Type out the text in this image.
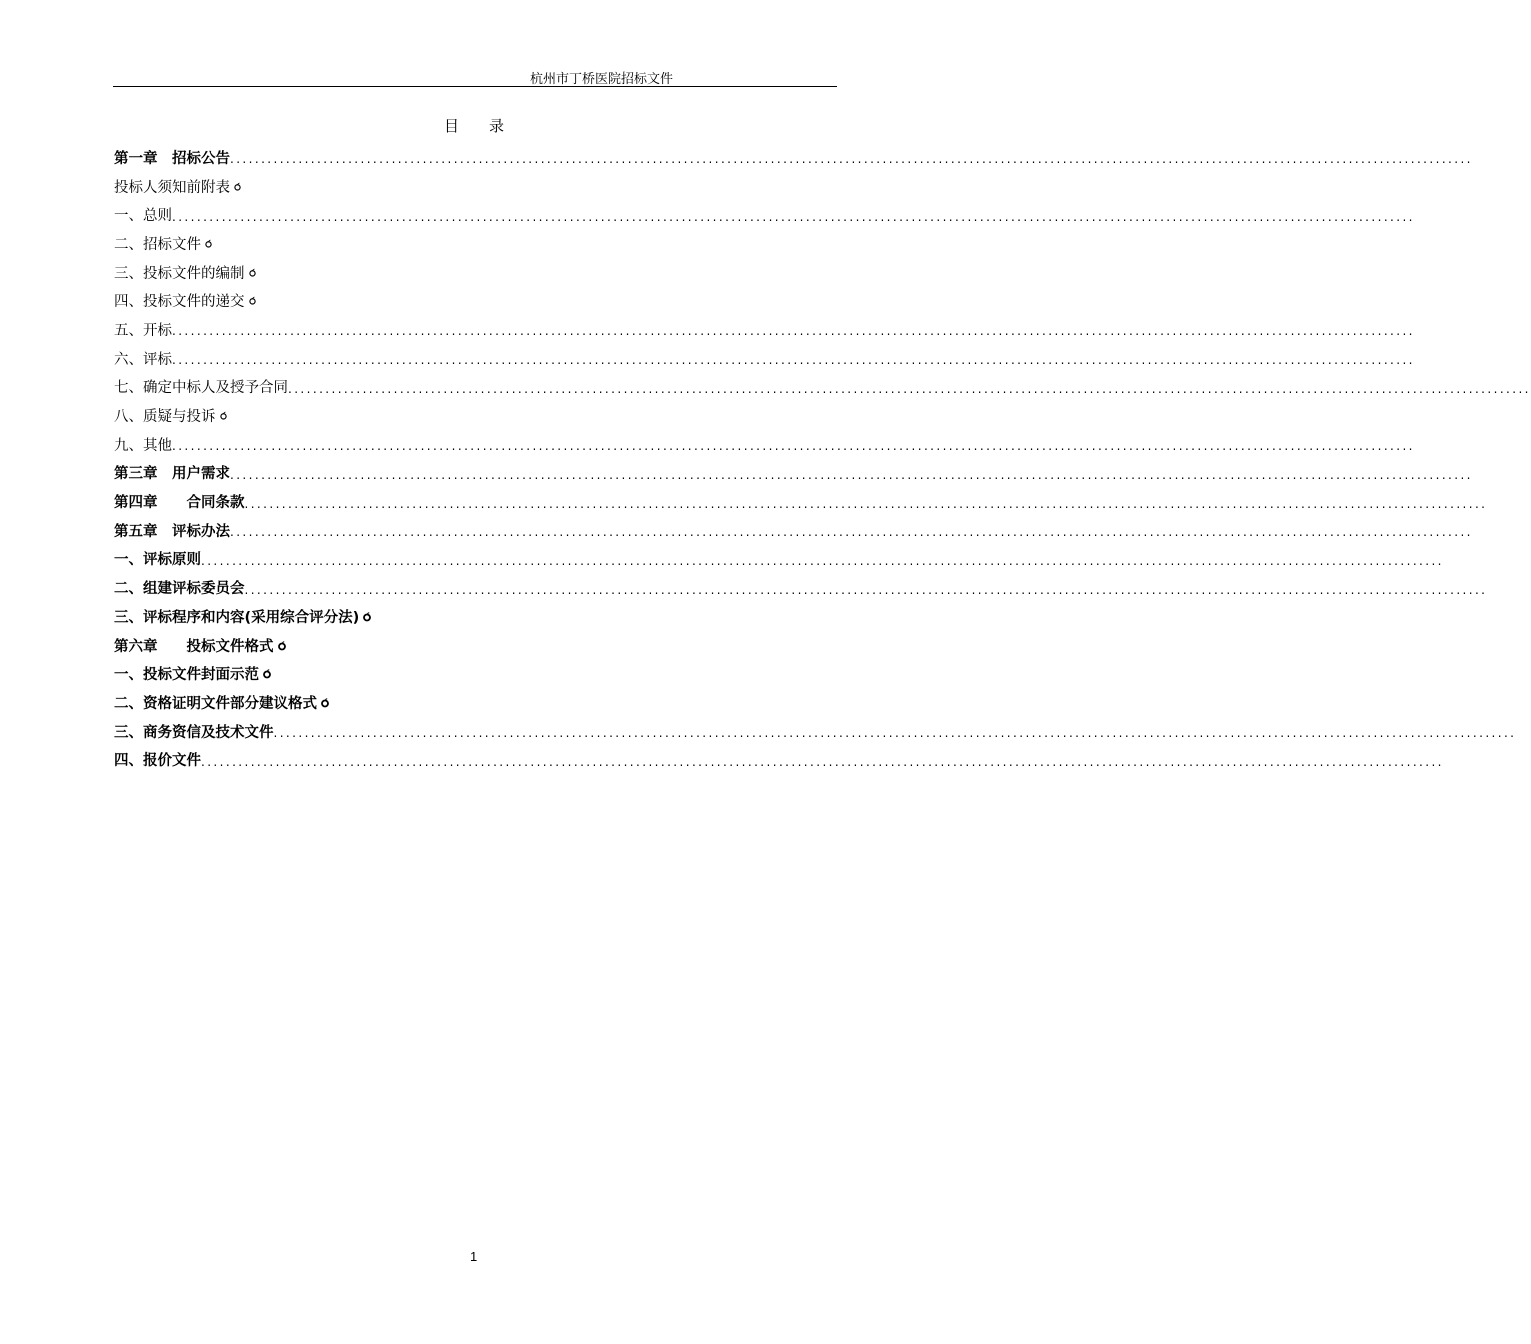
杭州市丁桥医院招标文件
目录
第一章　招标公告 ........................................................................................................................................................................................................
投标人须知前附表
一、总则 ........................................................................................................................................................................................................
二、招标文件
三、投标文件的编制
四、投标文件的递交
五、开标 ........................................................................................................................................................................................................
六、评标 ........................................................................................................................................................................................................
七、确定中标人及授予合同 ........................................................................................................................................................................................................
八、质疑与投诉
九、其他 ........................................................................................................................................................................................................
第三章　用户需求 ........................................................................................................................................................................................................
第四章　　合同条款 ........................................................................................................................................................................................................
第五章　评标办法 ........................................................................................................................................................................................................
一、评标原则 ........................................................................................................................................................................................................
二、组建评标委员会 ........................................................................................................................................................................................................
三、评标程序和内容(采用综合评分法)
第六章　　投标文件格式
一、投标文件封面示范
二、资格证明文件部分建议格式
三、商务资信及技术文件 ........................................................................................................................................................................................................
四、报价文件 ........................................................................................................................................................................................................
1
